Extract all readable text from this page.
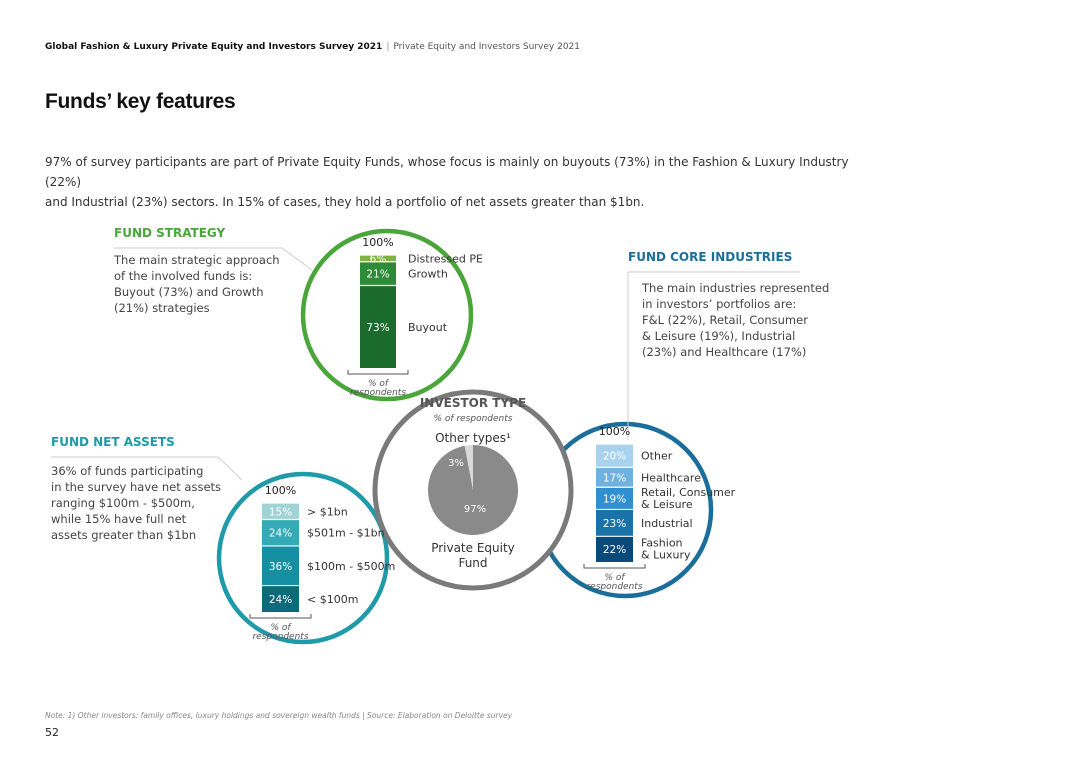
Global Fashion & Luxury Private Equity and Investors Survey 2021 | Private Equity and Investors Survey 2021
Funds’ key features
97% of survey participants are part of Private Equity Funds, whose focus is mainly on buyouts (73%) in the Fashion & Luxury Industry (22%)
and Industrial (23%) sectors. In 15% of cases, they hold a portfolio of net assets greater than $1bn.
FUND STRATEGY
The main strategic approach
of the involved funds is:
Buyout (73%) and Growth
(21%) strategies
FUND CORE INDUSTRIES
The main industries represented
in investors’ portfolios are:
F&L (22%), Retail, Consumer
& Leisure (19%), Industrial
(23%) and Healthcare (17%)
FUND NET ASSETS
36% of funds participating
in the survey have net assets
ranging $100m - $500m,
while 15% have full net
assets greater than $1bn
73% Buyout
21% Growth
6% Distressed PE
100%
% of
respondents
24% < $100m
36% $100m - $500m
24% $501m - $1bn
15% > $1bn
100%
% of
respondents
22%
Fashion
& Luxury
23% Industrial
19%
Retail, Consumer
& Leisure
17% Healthcare
20% Other
100%
% of
respondents
INVESTOR TYPE
% of respondents
Other types¹
3%
97%
Private Equity
Fund
Note: 1) Other investors: family offices, luxury holdings and sovereign wealth funds | Source: Elaboration on Deloitte survey
52
